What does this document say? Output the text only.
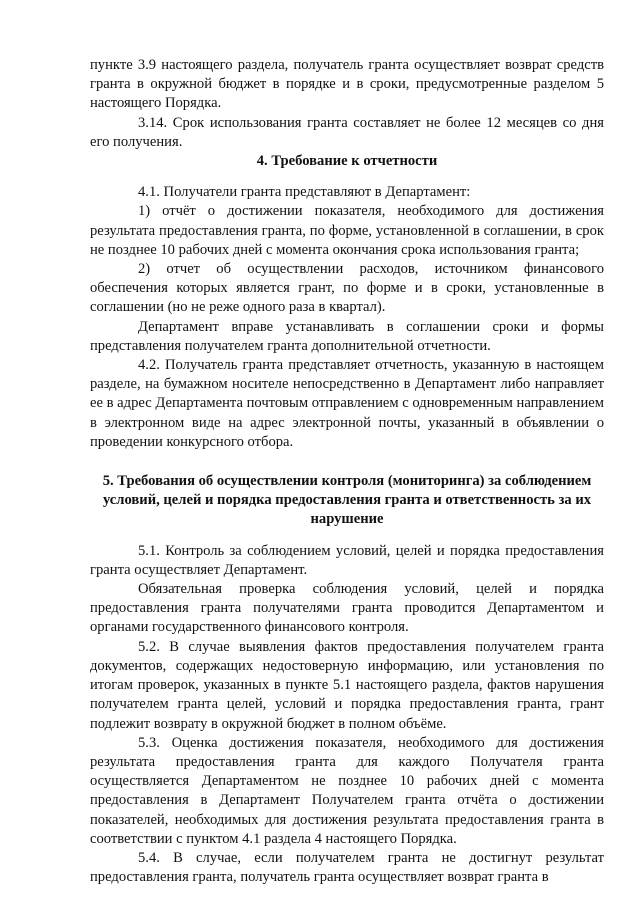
пункте 3.9 настоящего раздела, получатель гранта осуществляет возврат средств гранта в окружной бюджет в порядке и в сроки, предусмотренные разделом 5 настоящего Порядка.

3.14. Срок использования гранта составляет не более 12 месяцев со дня его получения.

4. Требование к отчетности

4.1. Получатели гранта представляют в Департамент:

1) отчёт о достижении показателя, необходимого для достижения результата предоставления гранта, по форме, установленной в соглашении, в срок не позднее 10 рабочих дней с момента окончания срока использования гранта;

2) отчет об осуществлении расходов, источником финансового обеспечения которых является грант, по форме и в сроки, установленные в соглашении (но не реже одного раза в квартал).

Департамент вправе устанавливать в соглашении сроки и формы представления получателем гранта дополнительной отчетности.

4.2. Получатель гранта представляет отчетность, указанную в настоящем разделе, на бумажном носителе непосредственно в Департамент либо направляет ее в адрес Департамента почтовым отправлением с одновременным направлением в электронном виде на адрес электронной почты, указанный в объявлении о проведении конкурсного отбора.

5. Требования об осуществлении контроля (мониторинга) за соблюдением условий, целей и порядка предоставления гранта и ответственность за их нарушение

5.1. Контроль за соблюдением условий, целей и порядка предоставления гранта осуществляет Департамент.

Обязательная проверка соблюдения условий, целей и порядка предоставления гранта получателями гранта проводится Департаментом и органами государственного финансового контроля.

5.2. В случае выявления фактов предоставления получателем гранта документов, содержащих недостоверную информацию, или установления по итогам проверок, указанных в пункте 5.1 настоящего раздела, фактов нарушения получателем гранта целей, условий и порядка предоставления гранта, грант подлежит возврату в окружной бюджет в полном объёме.

5.3. Оценка достижения показателя, необходимого для достижения результата предоставления гранта для каждого Получателя гранта осуществляется Департаментом не позднее 10 рабочих дней с момента предоставления в Департамент Получателем гранта отчёта о достижении показателей, необходимых для достижения результата предоставления гранта в соответствии с пунктом 4.1 раздела 4 настоящего Порядка.

5.4. В случае, если получателем гранта не достигнут результат предоставления гранта, получатель гранта осуществляет возврат гранта в
